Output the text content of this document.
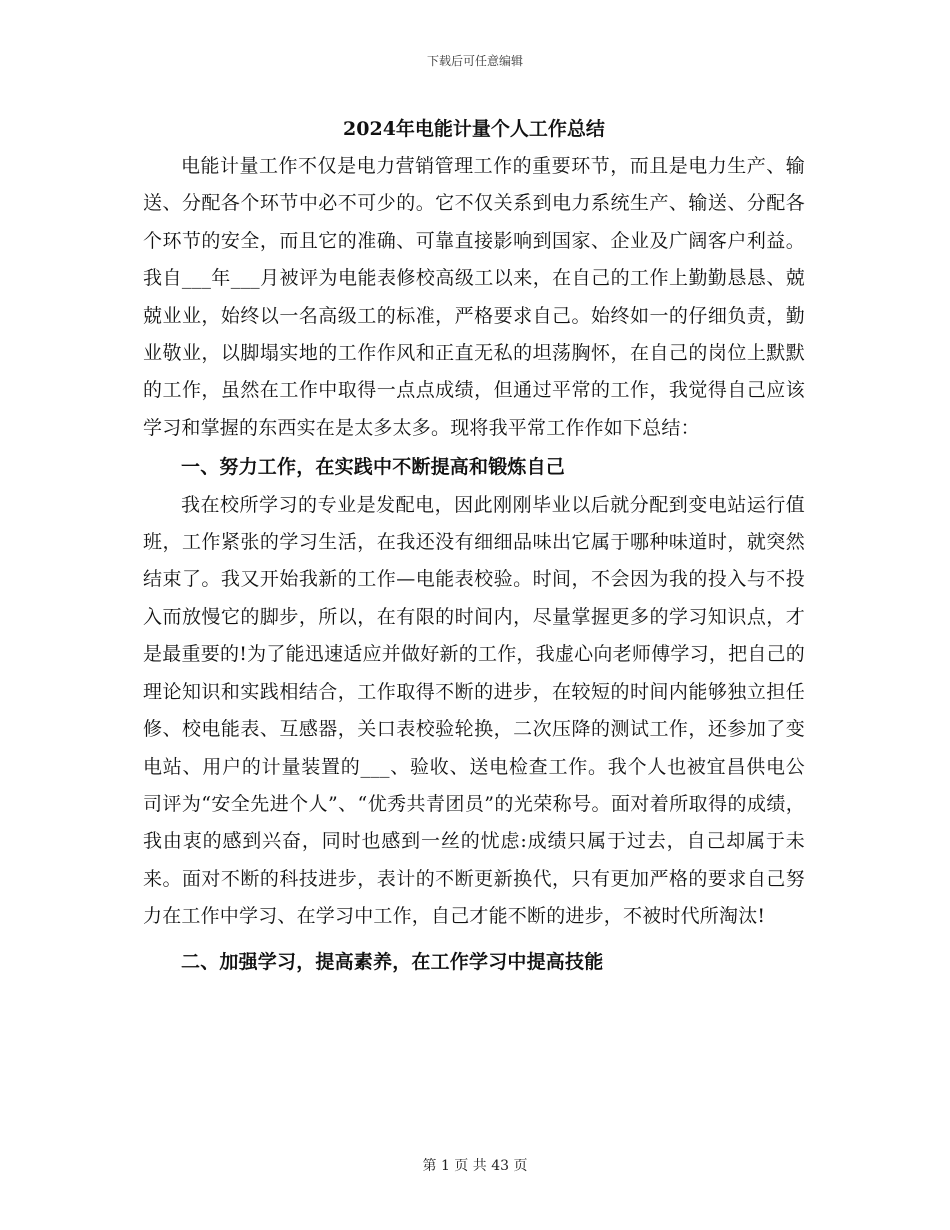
下载后可任意编辑
2024年电能计量个人工作总结

电能计量工作不仅是电力营销管理工作的重要环节，而且是电力生产、输送、分配各个环节中必不可少的。它不仅关系到电力系统生产、输送、分配各个环节的安全，而且它的准确、可靠直接影响到国家、企业及广阔客户利益。我自___年___月被评为电能表修校高级工以来，在自己的工作上勤勤恳恳、兢兢业业，始终以一名高级工的标准，严格要求自己。始终如一的仔细负责，勤业敬业，以脚塌实地的工作作风和正直无私的坦荡胸怀，在自己的岗位上默默的工作，虽然在工作中取得一点点成绩，但通过平常的工作，我觉得自己应该学习和掌握的东西实在是太多太多。现将我平常工作作如下总结：

一、努力工作，在实践中不断提高和锻炼自己

我在校所学习的专业是发配电，因此刚刚毕业以后就分配到变电站运行值班，工作紧张的学习生活，在我还没有细细品味出它属于哪种味道时，就突然结束了。我又开始我新的工作—电能表校验。时间，不会因为我的投入与不投入而放慢它的脚步，所以，在有限的时间内，尽量掌握更多的学习知识点，才是最重要的!为了能迅速适应并做好新的工作，我虚心向老师傅学习，把自己的理论知识和实践相结合，工作取得不断的进步，在较短的时间内能够独立担任修、校电能表、互感器，关口表校验轮换，二次压降的测试工作，还参加了变电站、用户的计量装置的___、验收、送电检查工作。我个人也被宜昌供电公司评为“安全先进个人”、“优秀共青团员”的光荣称号。面对着所取得的成绩，我由衷的感到兴奋，同时也感到一丝的忧虑:成绩只属于过去，自己却属于未来。面对不断的科技进步，表计的不断更新换代，只有更加严格的要求自己努力在工作中学习、在学习中工作，自己才能不断的进步，不被时代所淘汰!

二、加强学习，提高素养，在工作学习中提高技能

第 1 页 共 43 页
